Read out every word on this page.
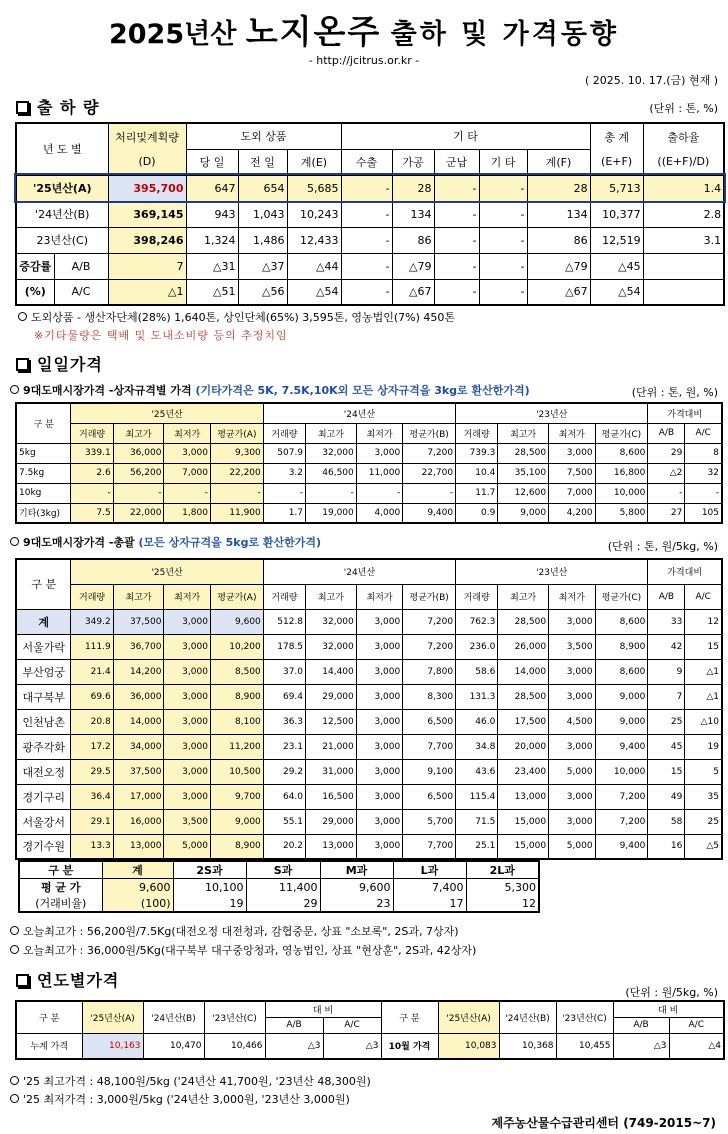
2025년산 노지온주 출하 및 가격동향
- http://jcitrus.or.kr -
( 2025. 10. 17.(금) 현재 )
출 하 량	(단위 : 톤, %)
년 도 별		처리및계획량	도외 상품			기 타					총 계	출하율
		(D)	당 일	전 일	계(E)	수출	가공	군납	기 타	계(F)	(E+F)	((E+F)/D)
'25년산(A)		395,700	647	654	5,685	-	28	-	-	28	5,713	1.4
'24년산(B)		369,145	943	1,043	10,243	-	134	-	-	134	10,377	2.8
23년산(C)		398,246	1,324	1,486	12,433	-	86	-	-	86	12,519	3.1
증감률	A/B	7	△31	△37	△44	-	△79	-	-	△79	△45	
(%)	A/C	△1	△51	△56	△54	-	△67	-	-	△67	△54	
도외상품 - 생산자단체(28%) 1,640톤, 상인단체(65%) 3,595톤, 영농법인(7%) 450톤
※기타물량은 택배 및 도내소비량 등의 추정치임
일일가격
9대도매시장가격 -상자규격별 가격 (기타가격은 5K, 7.5K,10K외 모든 상자규격을 3kg로 환산한가격)	(단위 : 톤, 원, %)
구 분	'25년산				'24년산				'23년산				가격대비	
	거래량	최고가	최저가	평균가(A)	거래량	최고가	최저가	평균가(B)	거래량	최고가	최저가	평균가(C)	A/B	A/C
5kg	339.1	36,000	3,000	9,300	507.9	32,000	3,000	7,200	739.3	28,500	3,000	8,600	29	8
7.5kg	2.6	56,200	7,000	22,200	3.2	46,500	11,000	22,700	10.4	35,100	7,500	16,800	△2	32
10kg	-	-	-	-	-	-	-	-	11.7	12,600	7,000	10,000	-	-
기타(3kg)	7.5	22,000	1,800	11,900	1.7	19,000	4,000	9,400	0.9	9,000	4,200	5,800	27	105
9대도매시장가격 -총괄 (모든 상자규격을 5kg로 환산한가격)	(단위 : 톤, 원/5kg, %)
구 분	'25년산				'24년산				'23년산				가격대비	
	거래량	최고가	최저가	평균가(A)	거래량	최고가	최저가	평균가(B)	거래량	최고가	최저가	평균가(C)	A/B	A/C
계	349.2	37,500	3,000	9,600	512.8	32,000	3,000	7,200	762.3	28,500	3,000	8,600	33	12
서울가락	111.9	36,700	3,000	10,200	178.5	32,000	3,000	7,200	236.0	26,000	3,500	8,900	42	15
부산엄궁	21.4	14,200	3,000	8,500	37.0	14,400	3,000	7,800	58.6	14,000	3,000	8,600	9	△1
대구북부	69.6	36,000	3,000	8,900	69.4	29,000	3,000	8,300	131.3	28,500	3,000	9,000	7	△1
인천남촌	20.8	14,000	3,000	8,100	36.3	12,500	3,000	6,500	46.0	17,500	4,500	9,000	25	△10
광주각화	17.2	34,000	3,000	11,200	23.1	21,000	3,000	7,700	34.8	20,000	3,000	9,400	45	19
대전오정	29.5	37,500	3,000	10,500	29.2	31,000	3,000	9,100	43.6	23,400	5,000	10,000	15	5
경기구리	36.4	17,000	3,000	9,700	64.0	16,500	3,000	6,500	115.4	13,000	3,000	7,200	49	35
서울강서	29.1	16,000	3,500	9,000	55.1	29,000	3,000	5,700	71.5	15,000	3,000	7,200	58	25
경기수원	13.3	13,000	5,000	8,900	20.2	13,000	3,000	7,700	25.1	15,000	5,000	9,400	16	△5
구 분	계	2S과	S과	M과	L과	2L과
평 균 가	9,600	10,100	11,400	9,600	7,400	5,300
(거래비율)	(100)	19	29	23	17	12
오늘최고가 : 56,200원/7.5Kg(대전오정 대전청과, 감협중문, 상표 "소보록", 2S과, 7상자)
오늘최고가 : 36,000원/5Kg(대구북부 대구중앙청과, 영농법인, 상표 "현상훈", 2S과, 42상자)
연도별가격
(단위 : 원/5kg, %)
구 분	'25년산(A)	'24년산(B)	'23년산(C)	대 비		구 분	'25년산(A)	'24년산(B)	'23년산(C)	대 비	
				A/B	A/C					A/B	A/C
누계 가격	10,163	10,470	10,466	△3	△3	10월 가격	10,083	10,368	10,455	△3	△4
'25 최고가격 : 48,100원/5kg ('24년산 41,700원, '23년산 48,300원)
'25 최저가격 : 3,000원/5kg ('24년산 3,000원, '23년산 3,000원)
제주농산물수급관리센터 (749-2015~7)
